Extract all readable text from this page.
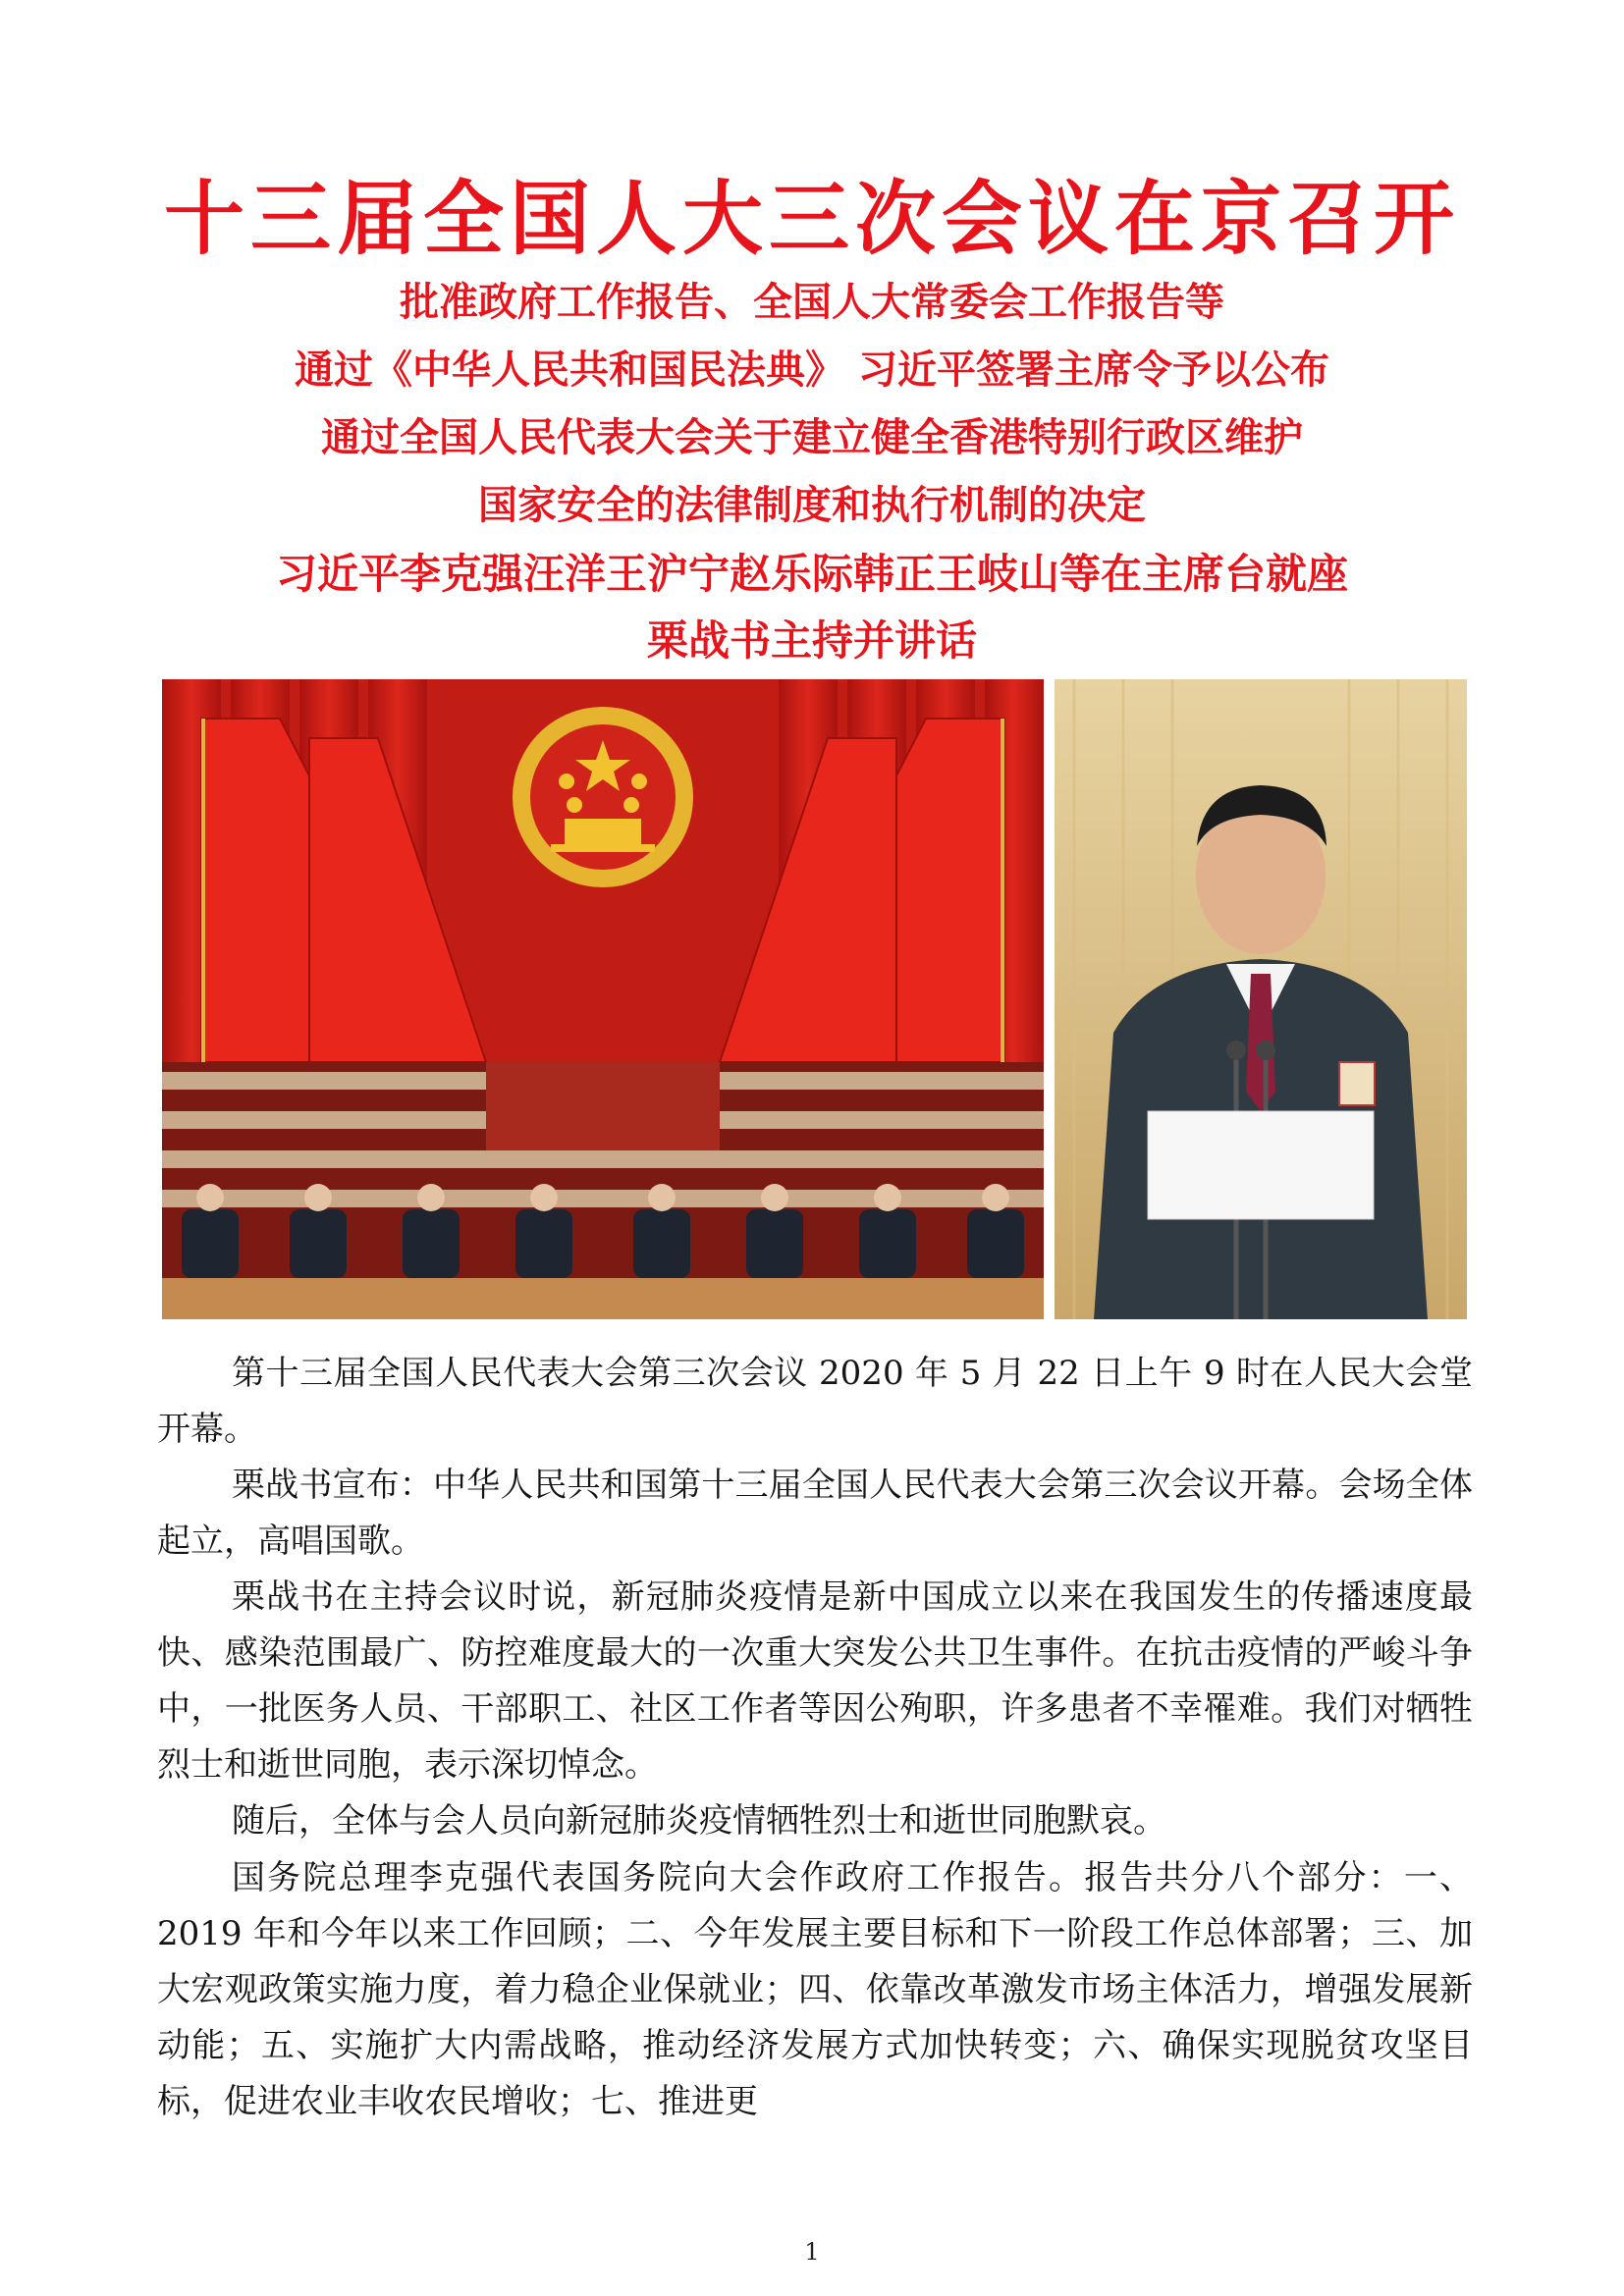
十三届全国人大三次会议在京召开
批准政府工作报告、全国人大常委会工作报告等
通过《中华人民共和国民法典》 习近平签署主席令予以公布
通过全国人民代表大会关于建立健全香港特别行政区维护
国家安全的法律制度和执行机制的决定
习近平李克强汪洋王沪宁赵乐际韩正王岐山等在主席台就座
栗战书主持并讲话
第十三届全国人民代表大会第三次会议 2020 年 5 月 22 日上午 9 时在人民大会堂开幕。
栗战书宣布：中华人民共和国第十三届全国人民代表大会第三次会议开幕。会场全体起立，高唱国歌。
栗战书在主持会议时说，新冠肺炎疫情是新中国成立以来在我国发生的传播速度最快、感染范围最广、防控难度最大的一次重大突发公共卫生事件。在抗击疫情的严峻斗争中，一批医务人员、干部职工、社区工作者等因公殉职，许多患者不幸罹难。我们对牺牲烈士和逝世同胞，表示深切悼念。
随后，全体与会人员向新冠肺炎疫情牺牲烈士和逝世同胞默哀。
国务院总理李克强代表国务院向大会作政府工作报告。报告共分八个部分：一、2019 年和今年以来工作回顾；二、今年发展主要目标和下一阶段工作总体部署；三、加大宏观政策实施力度，着力稳企业保就业；四、依靠改革激发市场主体活力，增强发展新动能；五、实施扩大内需战略，推动经济发展方式加快转变；六、确保实现脱贫攻坚目标，促进农业丰收农民增收；七、推进更
1
